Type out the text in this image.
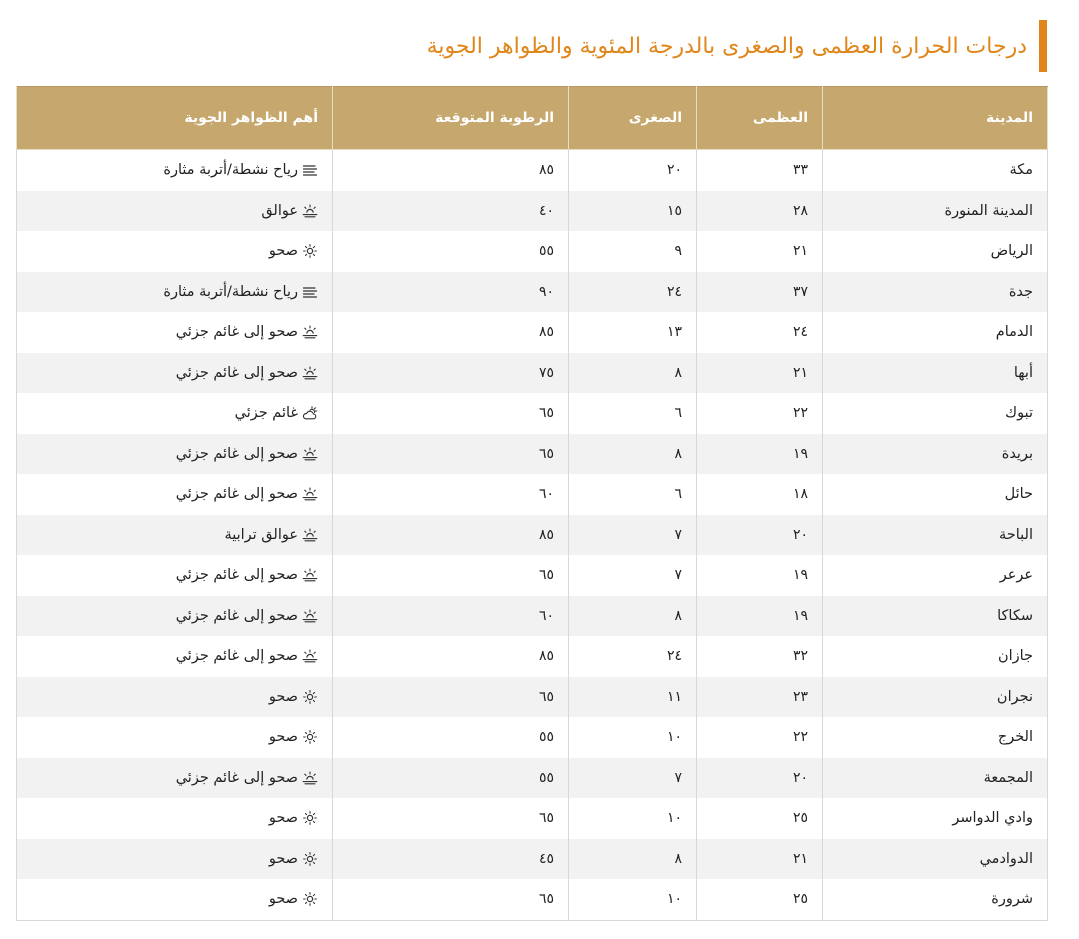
درجات الحرارة العظمى والصغرى بالدرجة المئوية والظواهر الجوية
المدينة	العظمى	الصغرى	الرطوبة المتوقعة	أهم الظواهر الجوية
مكة	٣٣	٢٠	٨٥	رياح نشطة/أتربة مثارة
المدينة المنورة	٢٨	١٥	٤٠	عوالق
الرياض	٢١	٩	٥٥	صحو
جدة	٣٧	٢٤	٩٠	رياح نشطة/أتربة مثارة
الدمام	٢٤	١٣	٨٥	صحو إلى غائم جزئي
أبها	٢١	٨	٧٥	صحو إلى غائم جزئي
تبوك	٢٢	٦	٦٥	غائم جزئي
بريدة	١٩	٨	٦٥	صحو إلى غائم جزئي
حائل	١٨	٦	٦٠	صحو إلى غائم جزئي
الباحة	٢٠	٧	٨٥	عوالق ترابية
عرعر	١٩	٧	٦٥	صحو إلى غائم جزئي
سكاكا	١٩	٨	٦٠	صحو إلى غائم جزئي
جازان	٣٢	٢٤	٨٥	صحو إلى غائم جزئي
نجران	٢٣	١١	٦٥	صحو
الخرج	٢٢	١٠	٥٥	صحو
المجمعة	٢٠	٧	٥٥	صحو إلى غائم جزئي
وادي الدواسر	٢٥	١٠	٦٥	صحو
الدوادمي	٢١	٨	٤٥	صحو
شرورة	٢٥	١٠	٦٥	صحو
